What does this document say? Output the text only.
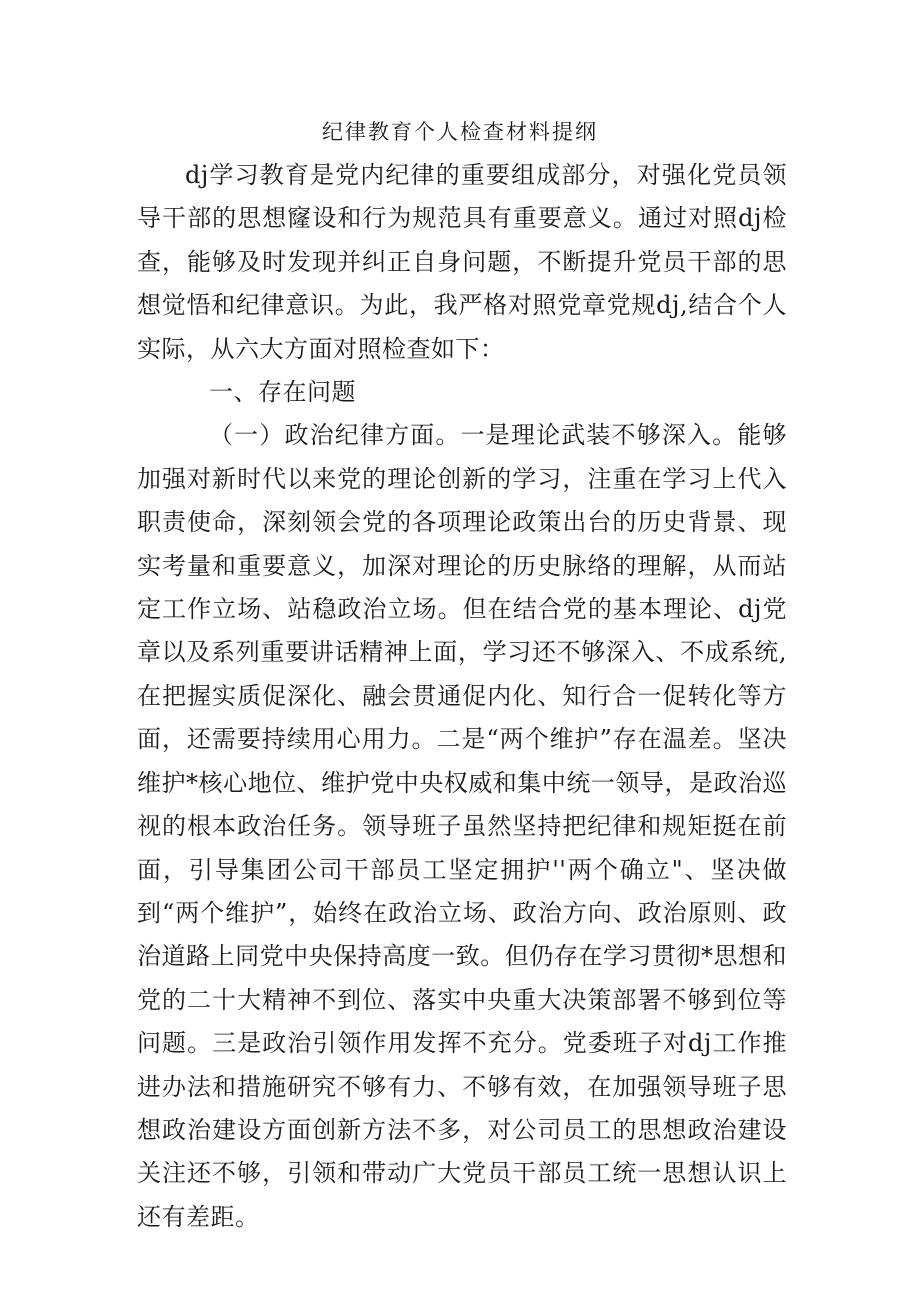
纪律教育个人检查材料提纲

dj学习教育是党内纪律的重要组成部分，对强化党员领导干部的思想窿设和行为规范具有重要意义。通过对照dj检查，能够及时发现并纠正自身问题，不断提升党员干部的思想觉悟和纪律意识。为此，我严格对照党章党规dj,结合个人实际，从六大方面对照检查如下：

一、存在问题

（一）政治纪律方面。一是理论武装不够深入。能够加强对新时代以来党的理论创新的学习，注重在学习上代入职责使命，深刻领会党的各项理论政策出台的历史背景、现实考量和重要意义，加深对理论的历史脉络的理解，从而站定工作立场、站稳政治立场。但在结合党的基本理论、dj党章以及系列重要讲话精神上面，学习还不够深入、不成系统,在把握实质促深化、融会贯通促内化、知行合一促转化等方面，还需要持续用心用力。二是“两个维护”存在温差。坚决维护*核心地位、维护党中央权威和集中统一领导，是政治巡视的根本政治任务。领导班子虽然坚持把纪律和规矩挺在前面，引导集团公司干部员工坚定拥护''两个确立"、坚决做到“两个维护”，始终在政治立场、政治方向、政治原则、政治道路上同党中央保持高度一致。但仍存在学习贯彻*思想和党的二十大精神不到位、落实中央重大决策部署不够到位等问题。三是政治引领作用发挥不充分。党委班子对dj工作推进办法和措施研究不够有力、不够有效，在加强领导班子思想政治建设方面创新方法不多，对公司员工的思想政治建设关注还不够，引领和带动广大党员干部员工统一思想认识上还有差距。
